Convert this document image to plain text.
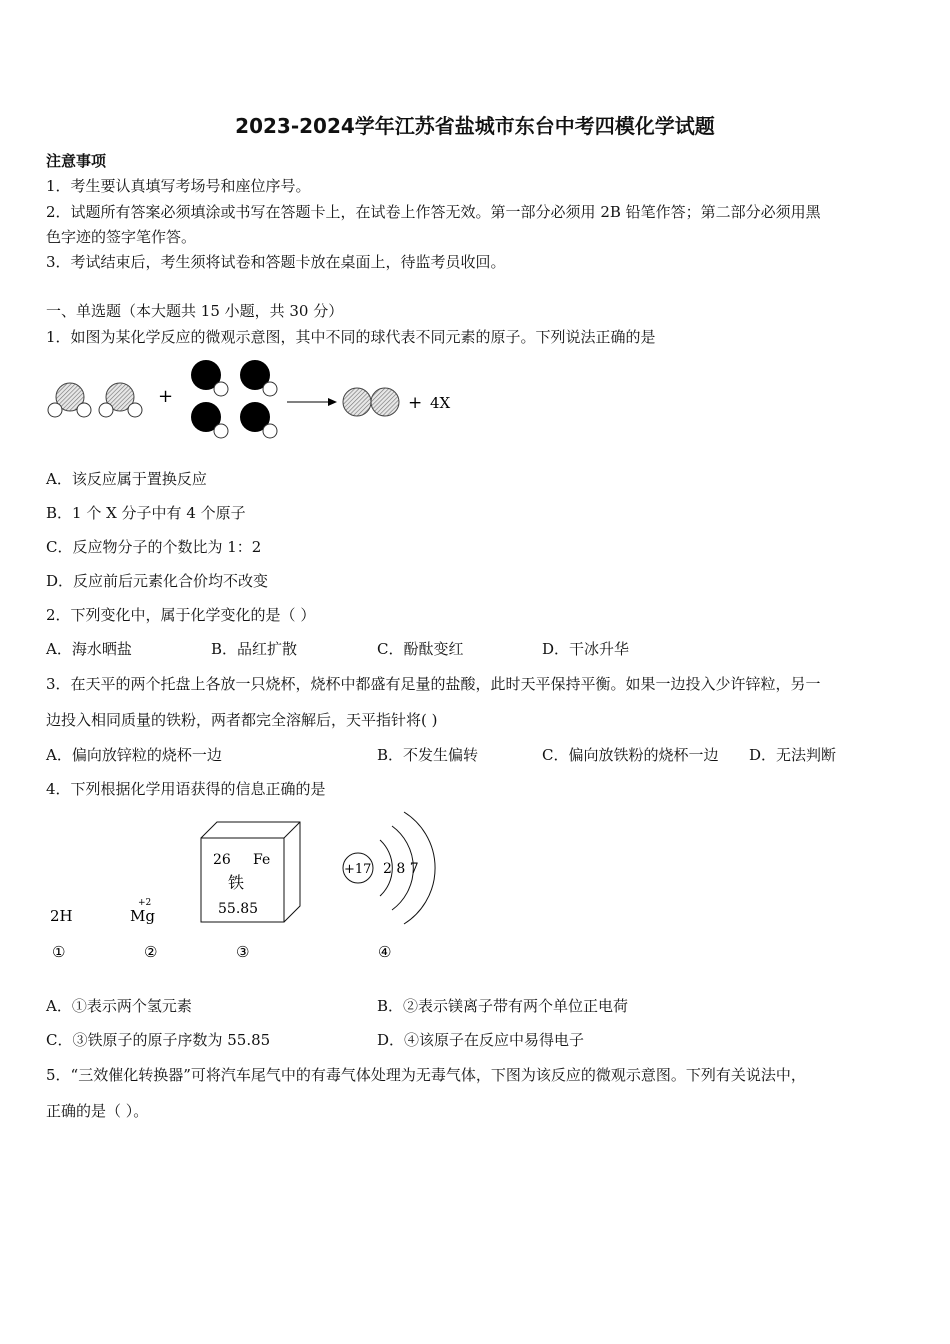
2023-2024学年江苏省盐城市东台中考四模化学试题
注意事项
1．考生要认真填写考场号和座位序号。
2．试题所有答案必须填涂或书写在答题卡上，在试卷上作答无效。第一部分必须用 2B 铅笔作答；第二部分必须用黑
色字迹的签字笔作答。
3．考试结束后，考生须将试卷和答题卡放在桌面上，待监考员收回。
一、单选题（本大题共 15 小题，共 30 分）
1．如图为某化学反应的微观示意图，其中不同的球代表不同元素的原子。下列说法正确的是
+	+ 4X
A．该反应属于置换反应
B．1 个 X 分子中有 4 个原子
C．反应物分子的个数比为 1：2
D．反应前后元素化合价均不改变
2．下列变化中，属于化学变化的是（ ）
A．海水晒盐	B．品红扩散	C．酚酞变红	D．干冰升华
3．在天平的两个托盘上各放一只烧杯，烧杯中都盛有足量的盐酸，此时天平保持平衡。如果一边投入少许锌粒，另一
边投入相同质量的铁粉，两者都完全溶解后，天平指针将( )
A．偏向放锌粒的烧杯一边	B．不发生偏转	C．偏向放铁粉的烧杯一边 D．无法判断
4．下列根据化学用语获得的信息正确的是
2H
+2
Mg
26 Fe
铁
55.85
+17 2 8 7
①	②	③	④
A．①表示两个氢元素	B．②表示镁离子带有两个单位正电荷
C．③铁原子的原子序数为 55.85	D．④该原子在反应中易得电子
5．“三效催化转换器”可将汽车尾气中的有毒气体处理为无毒气体，下图为该反应的微观示意图。下列有关说法中，
正确的是（ ）。
